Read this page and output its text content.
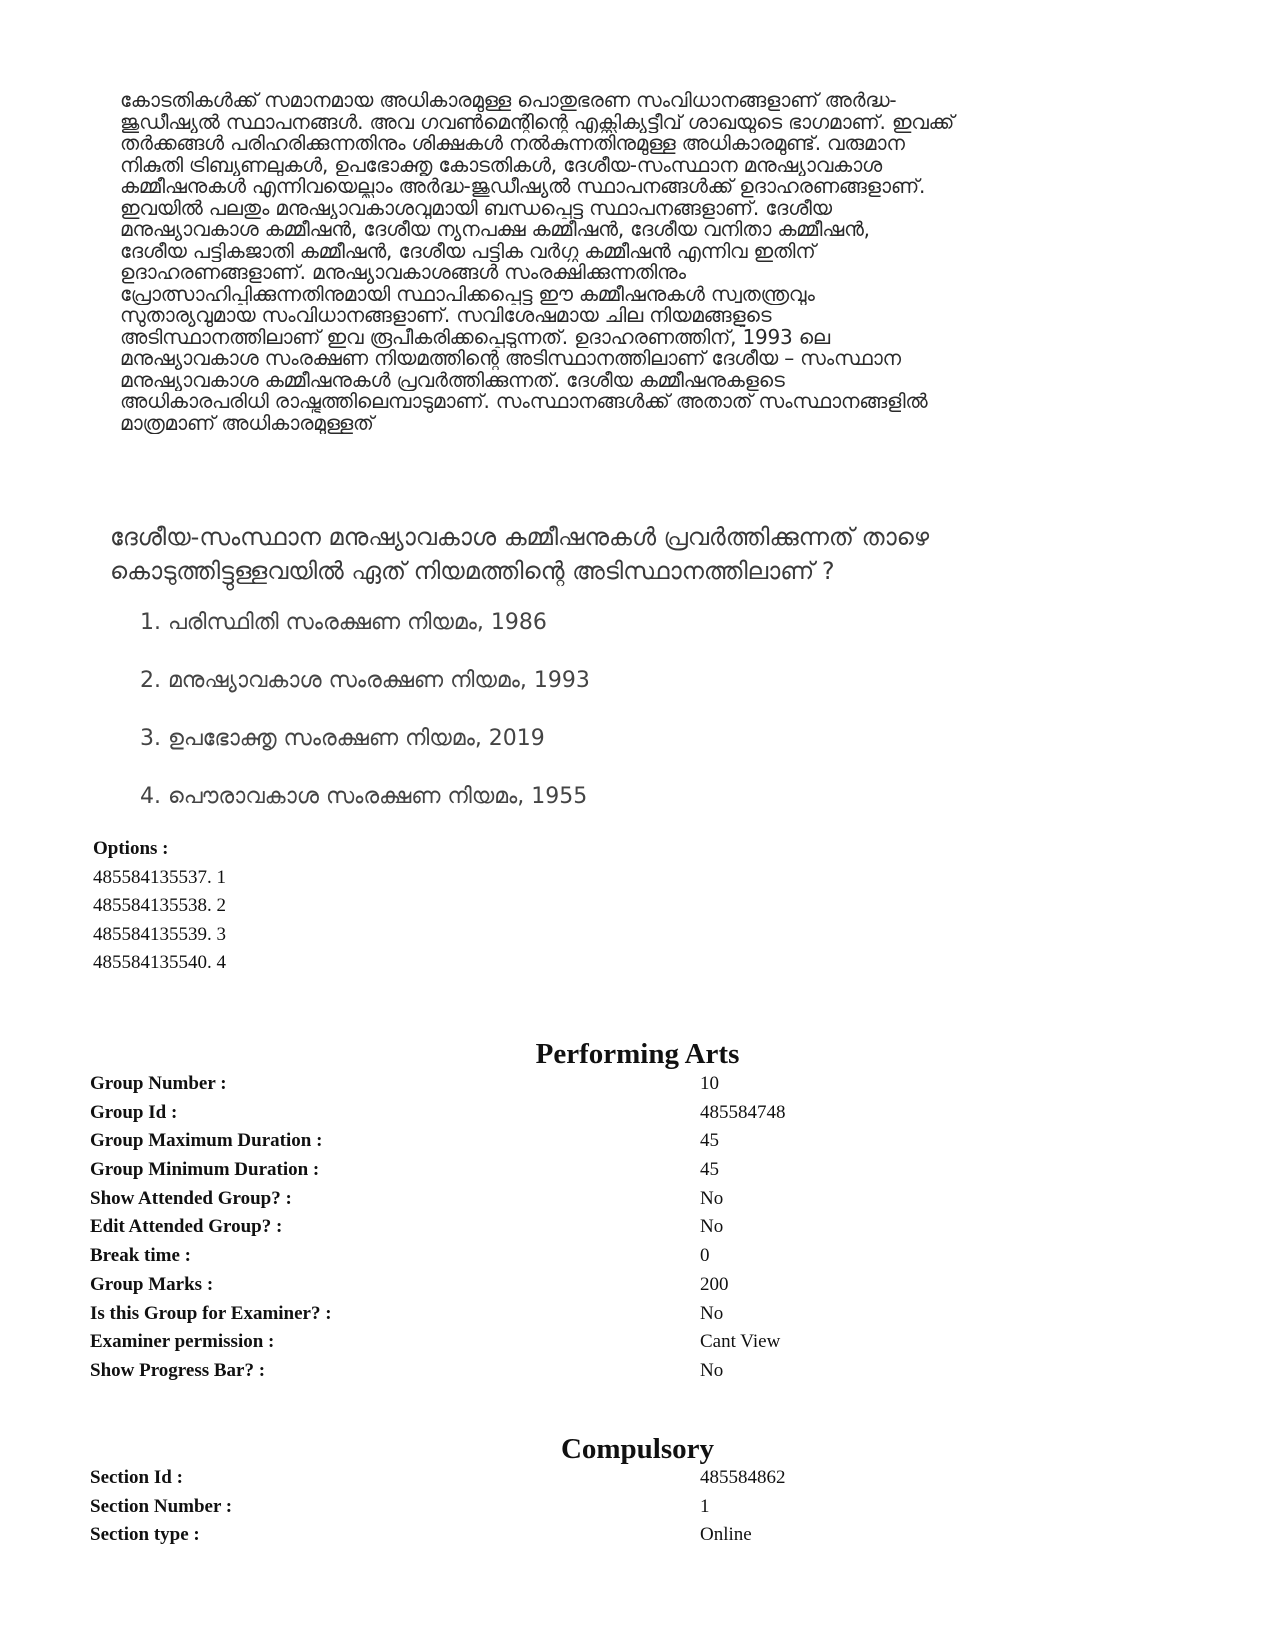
കോടതികൾക്ക് സമാനമായ അധികാരമുള്ള പൊതുഭരണ സംവിധാനങ്ങളാണ് അർദ്ധ-
ജുഡീഷ്യൽ സ്ഥാപനങ്ങൾ. അവ ഗവൺമെന്റിന്റെ എക്സിക്യൂട്ടീവ് ശാഖയുടെ ഭാഗമാണ്. ഇവക്ക്
തർക്കങ്ങൾ പരിഹരിക്കുന്നതിനും ശിക്ഷകൾ നൽകുന്നതിനുമുള്ള അധികാരമുണ്ട്. വരുമാന
നികുതി ട്രിബ്യൂണലുകൾ, ഉപഭോക്തൃ കോടതികൾ, ദേശീയ-സംസ്ഥാന മനുഷ്യാവകാശ
കമ്മീഷനുകൾ എന്നിവയെല്ലാം അർദ്ധ-ജുഡീഷ്യൽ സ്ഥാപനങ്ങൾക്ക് ഉദാഹരണങ്ങളാണ്.
ഇവയിൽ പലതും മനുഷ്യാവകാശവുമായി ബന്ധപ്പെട്ട സ്ഥാപനങ്ങളാണ്. ദേശീയ
മനുഷ്യാവകാശ കമ്മീഷൻ, ദേശീയ ന്യൂനപക്ഷ കമ്മീഷൻ, ദേശീയ വനിതാ കമ്മീഷൻ,
ദേശീയ പട്ടികജാതി കമ്മീഷൻ, ദേശീയ പട്ടിക വർഗ്ഗ കമ്മീഷൻ എന്നിവ ഇതിന്
ഉദാഹരണങ്ങളാണ്. മനുഷ്യാവകാശങ്ങൾ സംരക്ഷിക്കുന്നതിനും
പ്രോത്സാഹിപ്പിക്കുന്നതിനുമായി സ്ഥാപിക്കപ്പെട്ട ഈ കമ്മീഷനുകൾ സ്വതന്ത്രവും
സുതാര്യവുമായ സംവിധാനങ്ങളാണ്. സവിശേഷമായ ചില നിയമങ്ങളുടെ
അടിസ്ഥാനത്തിലാണ് ഇവ രൂപീകരിക്കപ്പെടുന്നത്. ഉദാഹരണത്തിന്, 1993 ലെ
മനുഷ്യാവകാശ സംരക്ഷണ നിയമത്തിന്റെ അടിസ്ഥാനത്തിലാണ് ദേശീയ – സംസ്ഥാന
മനുഷ്യാവകാശ കമ്മീഷനുകൾ പ്രവർത്തിക്കുന്നത്. ദേശീയ കമ്മീഷനുകളുടെ
അധികാരപരിധി രാഷ്ട്രത്തിലെമ്പാടുമാണ്. സംസ്ഥാനങ്ങൾക്ക് അതാത് സംസ്ഥാനങ്ങളിൽ
മാത്രമാണ് അധികാരമുള്ളത്
ദേശീയ-സംസ്ഥാന മനുഷ്യാവകാശ കമ്മീഷനുകൾ പ്രവർത്തിക്കുന്നത് താഴെ
കൊടുത്തിട്ടുള്ളവയിൽ ഏത് നിയമത്തിന്റെ അടിസ്ഥാനത്തിലാണ് ?
1. പരിസ്ഥിതി സംരക്ഷണ നിയമം, 1986
2. മനുഷ്യാവകാശ സംരക്ഷണ നിയമം, 1993
3. ഉപഭോക്തൃ സംരക്ഷണ നിയമം, 2019
4. പൌരാവകാശ സംരക്ഷണ നിയമം, 1955
Options :
485584135537. 1
485584135538. 2
485584135539. 3
485584135540. 4
Performing Arts
Group Number :	10
Group Id :	485584748
Group Maximum Duration :	45
Group Minimum Duration :	45
Show Attended Group? :	No
Edit Attended Group? :	No
Break time :	0
Group Marks :	200
Is this Group for Examiner? :	No
Examiner permission :	Cant View
Show Progress Bar? :	No
Compulsory
Section Id :	485584862
Section Number :	1
Section type :	Online
